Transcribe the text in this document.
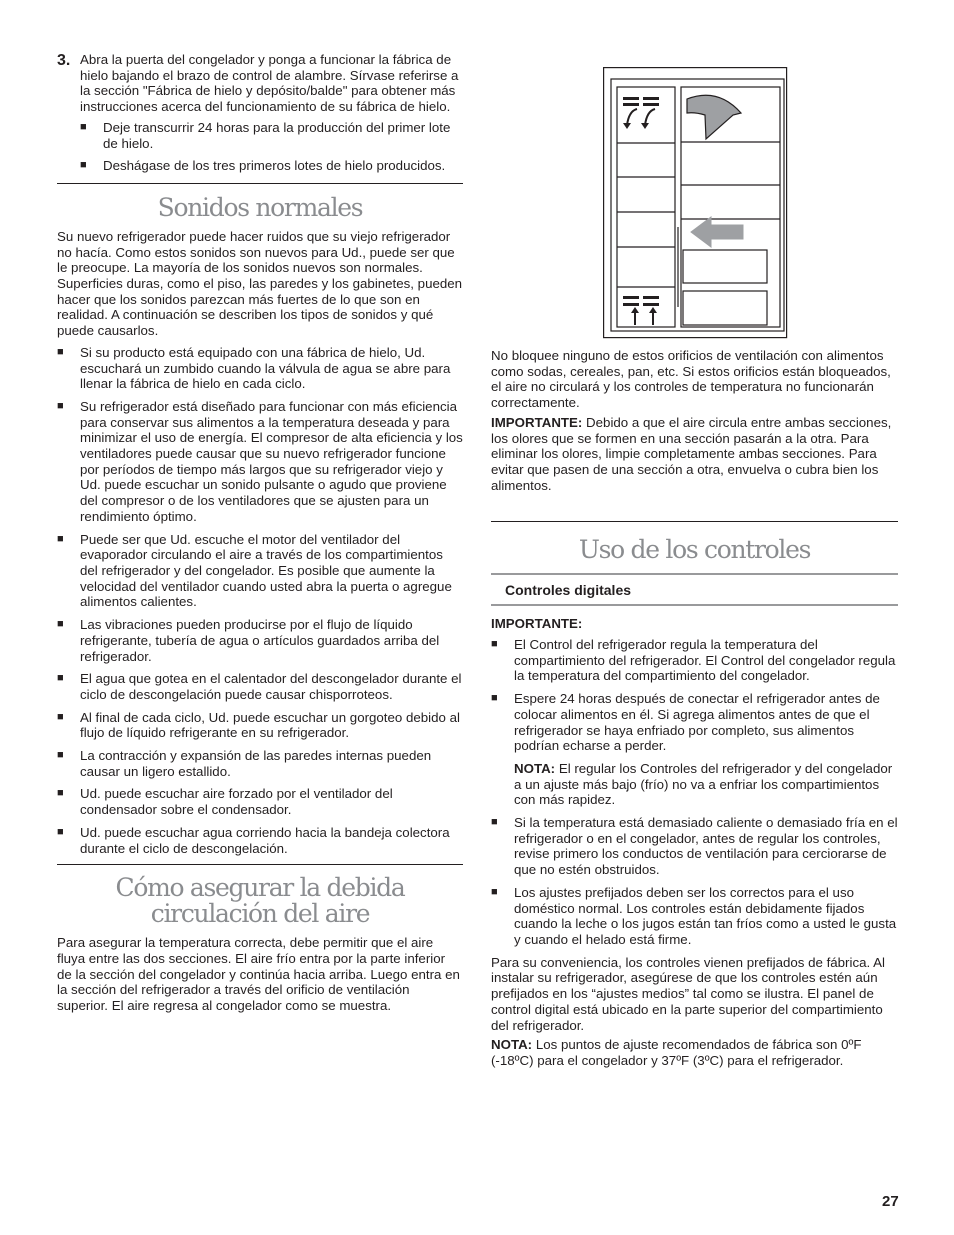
3. Abra la puerta del congelador y ponga a funcionar la fábrica de hielo bajando el brazo de control de alambre. Sírvase referirse a la sección "Fábrica de hielo y depósito/balde" para obtener más instrucciones acerca del funcionamiento de su fábrica de hielo.

■ Deje transcurrir 24 horas para la producción del primer lote de hielo.
■ Deshágase de los tres primeros lotes de hielo producidos.
Sonidos normales

Su nuevo refrigerador puede hacer ruidos que su viejo refrigerador no hacía. Como estos sonidos son nuevos para Ud., puede ser que le preocupe. La mayoría de los sonidos nuevos son normales. Superficies duras, como el piso, las paredes y los gabinetes, pueden hacer que los sonidos parezcan más fuertes de lo que son en realidad. A continuación se describen los tipos de sonidos y qué puede causarlos.

■ Si su producto está equipado con una fábrica de hielo, Ud. escuchará un zumbido cuando la válvula de agua se abre para llenar la fábrica de hielo en cada ciclo.
■ Su refrigerador está diseñado para funcionar con más eficiencia para conservar sus alimentos a la temperatura deseada y para minimizar el uso de energía. El compresor de alta eficiencia y los ventiladores puede causar que su nuevo refrigerador funcione por períodos de tiempo más largos que su refrigerador viejo y Ud. puede escuchar un sonido pulsante o agudo que proviene del compresor o de los ventiladores que se ajusten para un rendimiento óptimo.
■ Puede ser que Ud. escuche el motor del ventilador del evaporador circulando el aire a través de los compartimientos del refrigerador y del congelador. Es posible que aumente la velocidad del ventilador cuando usted abra la puerta o agregue alimentos calientes.
■ Las vibraciones pueden producirse por el flujo de líquido refrigerante, tubería de agua o artículos guardados arriba del refrigerador.
■ El agua que gotea en el calentador del descongelador durante el ciclo de descongelación puede causar chisporroteos.
■ Al final de cada ciclo, Ud. puede escuchar un gorgoteo debido al flujo de líquido refrigerante en su refrigerador.
■ La contracción y expansión de las paredes internas pueden causar un ligero estallido.
■ Ud. puede escuchar aire forzado por el ventilador del condensador sobre el condensador.
■ Ud. puede escuchar agua corriendo hacia la bandeja colectora durante el ciclo de descongelación.
Cómo asegurar la debida circulación del aire

Para asegurar la temperatura correcta, debe permitir que el aire fluya entre las dos secciones. El aire frío entra por la parte inferior de la sección del congelador y continúa hacia arriba. Luego entra en la sección del refrigerador a través del orificio de ventilación superior. El aire regresa al congelador como se muestra.

No bloquee ninguno de estos orificios de ventilación con alimentos como sodas, cereales, pan, etc. Si estos orificios están bloqueados, el aire no circulará y los controles de temperatura no funcionarán correctamente.

IMPORTANTE: Debido a que el aire circula entre ambas secciones, los olores que se formen en una sección pasarán a la otra. Para eliminar los olores, limpie completamente ambas secciones. Para evitar que pasen de una sección a otra, envuelva o cubra bien los alimentos.

Uso de los controles
Controles digitales

IMPORTANTE:

■ El Control del refrigerador regula la temperatura del compartimiento del refrigerador. El Control del congelador regula la temperatura del compartimiento del congelador.
■ Espere 24 horas después de conectar el refrigerador antes de colocar alimentos en él. Si agrega alimentos antes de que el refrigerador se haya enfriado por completo, sus alimentos podrían echarse a perder.

NOTA: El regular los Controles del refrigerador y del congelador a un ajuste más bajo (frío) no va a enfriar los compartimientos con más rapidez.

■ Si la temperatura está demasiado caliente o demasiado fría en el refrigerador o en el congelador, antes de regular los controles, revise primero los conductos de ventilación para cerciorarse de que no estén obstruidos.
■ Los ajustes prefijados deben ser los correctos para el uso doméstico normal. Los controles están debidamente fijados cuando la leche o los jugos están tan fríos como a usted le gusta y cuando el helado está firme.

Para su conveniencia, los controles vienen prefijados de fábrica. Al instalar su refrigerador, asegúrese de que los controles estén aún prefijados en los “ajustes medios” tal como se ilustra. El panel de control digital está ubicado en la parte superior del compartimiento del refrigerador.

NOTA: Los puntos de ajuste recomendados de fábrica son 0ºF (-18ºC) para el congelador y 37ºF (3ºC) para el refrigerador.

27
